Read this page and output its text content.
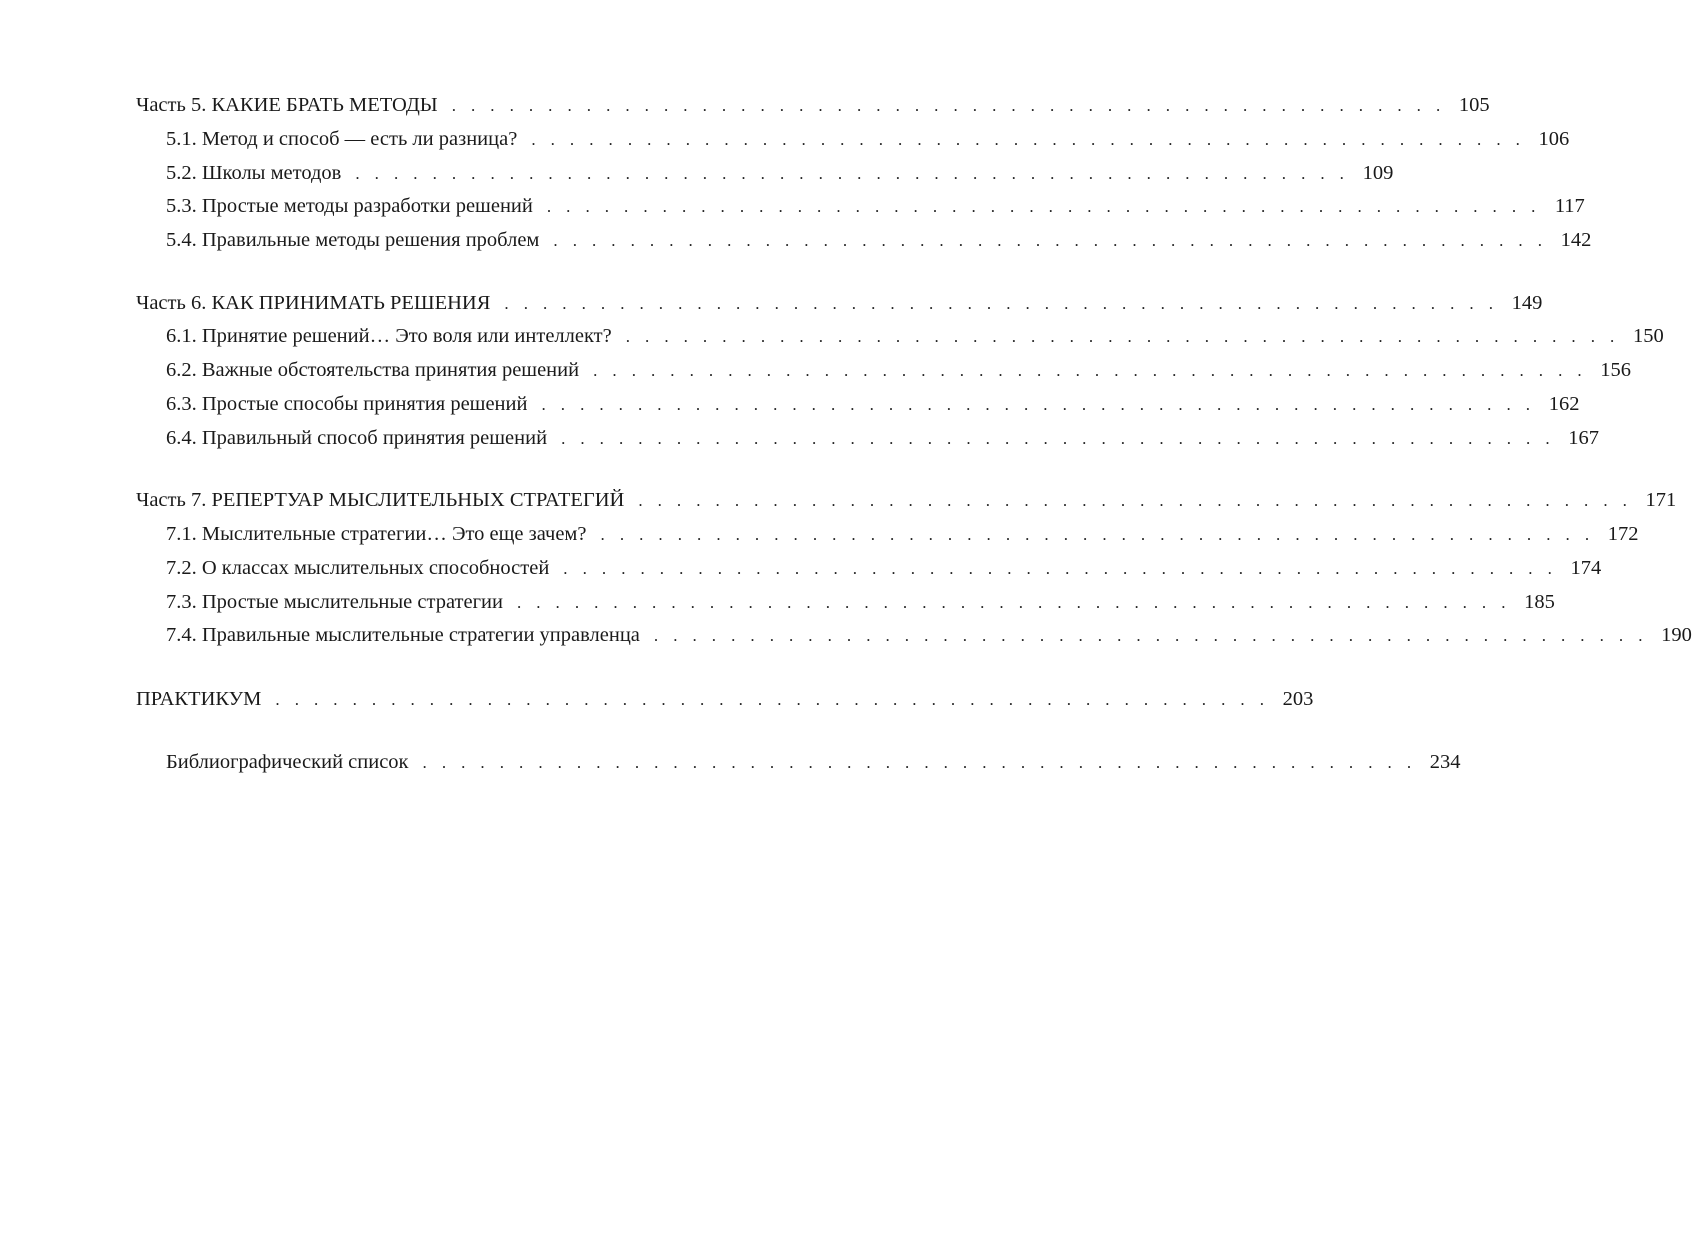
Часть 5. КАКИЕ БРАТЬ МЕТОДЫ . . . . . . . . . . . . . . . . . . . . . . . . . . . . . . . . . . . . . . . . . . . . . . . . . . . . 105
5.1. Метод и способ — есть ли разница? . . . . . . . . . . . . . . . . . . . . . . . . . . . . . . . . . . . . . . . . . . . . . . . . . . . . 106
5.2. Школы методов . . . . . . . . . . . . . . . . . . . . . . . . . . . . . . . . . . . . . . . . . . . . . . . . . . . . 109
5.3. Простые методы разработки решений . . . . . . . . . . . . . . . . . . . . . . . . . . . . . . . . . . . . . . . . . . . . . . . . . . . . 117
5.4. Правильные методы решения проблем . . . . . . . . . . . . . . . . . . . . . . . . . . . . . . . . . . . . . . . . . . . . . . . . . . . . 142
Часть 6. КАК ПРИНИМАТЬ РЕШЕНИЯ . . . . . . . . . . . . . . . . . . . . . . . . . . . . . . . . . . . . . . . . . . . . . . . . . . . . 149
6.1. Принятие решений… Это воля или интеллект? . . . . . . . . . . . . . . . . . . . . . . . . . . . . . . . . . . . . . . . . . . . . . . . . . . . . 150
6.2. Важные обстоятельства принятия решений . . . . . . . . . . . . . . . . . . . . . . . . . . . . . . . . . . . . . . . . . . . . . . . . . . . . 156
6.3. Простые способы принятия решений . . . . . . . . . . . . . . . . . . . . . . . . . . . . . . . . . . . . . . . . . . . . . . . . . . . . 162
6.4. Правильный способ принятия решений . . . . . . . . . . . . . . . . . . . . . . . . . . . . . . . . . . . . . . . . . . . . . . . . . . . . 167
Часть 7. РЕПЕРТУАР МЫСЛИТЕЛЬНЫХ СТРАТЕГИЙ . . . . . . . . . . . . . . . . . . . . . . . . . . . . . . . . . . . . . . . . . . . . . . . . . . . . 171
7.1. Мыслительные стратегии… Это еще зачем? . . . . . . . . . . . . . . . . . . . . . . . . . . . . . . . . . . . . . . . . . . . . . . . . . . . . 172
7.2. О классах мыслительных способностей . . . . . . . . . . . . . . . . . . . . . . . . . . . . . . . . . . . . . . . . . . . . . . . . . . . . 174
7.3. Простые мыслительные стратегии . . . . . . . . . . . . . . . . . . . . . . . . . . . . . . . . . . . . . . . . . . . . . . . . . . . . 185
7.4. Правильные мыслительные стратегии управленца . . . . . . . . . . . . . . . . . . . . . . . . . . . . . . . . . . . . . . . . . . . . . . . . . . . . 190
ПРАКТИКУМ . . . . . . . . . . . . . . . . . . . . . . . . . . . . . . . . . . . . . . . . . . . . . . . . . . . . 203
Библиографический список . . . . . . . . . . . . . . . . . . . . . . . . . . . . . . . . . . . . . . . . . . . . . . . . . . . . 234
